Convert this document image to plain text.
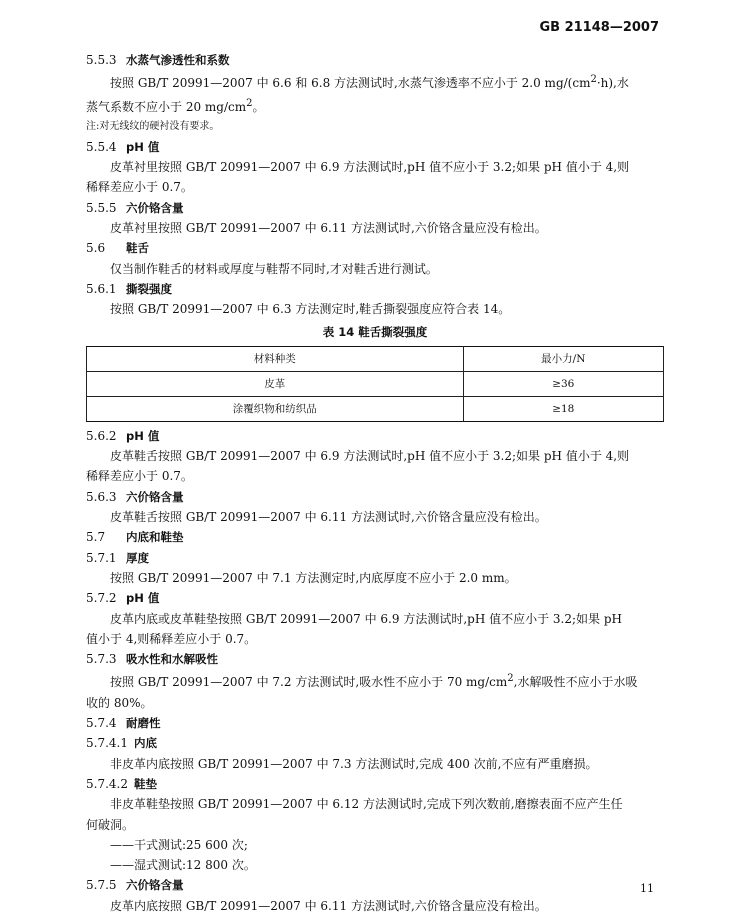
GB 21148—2007

5.5.3 水蒸气渗透性和系数

按照 GB/T 20991—2007 中 6.6 和 6.8 方法测试时,水蒸气渗透率不应小于 2.0 $mg/(cm^2\cdot h)$,水

蒸气系数不应小于 20 $mg/cm^2$。

注:对无线纹的硬衬没有要求。

5.5.4 pH 值

皮革衬里按照 GB/T 20991—2007 中 6.9 方法测试时,pH 值不应小于 3.2;如果 pH 值小于 4,则

稀释差应小于 0.7。

5.5.5 六价铬含量

皮革衬里按照 GB/T 20991—2007 中 6.11 方法测试时,六价铬含量应没有检出。

5.6 鞋舌

仅当制作鞋舌的材料或厚度与鞋帮不同时,才对鞋舌进行测试。

5.6.1 撕裂强度

按照 GB/T 20991—2007 中 6.3 方法测定时,鞋舌撕裂强度应符合表 14。

表 14 鞋舌撕裂强度

材料种类	最小力/N
皮革	≥36
涂覆织物和纺织品	≥18

5.6.2 pH 值

皮革鞋舌按照 GB/T 20991—2007 中 6.9 方法测试时,pH 值不应小于 3.2;如果 pH 值小于 4,则

稀释差应小于 0.7。

5.6.3 六价铬含量

皮革鞋舌按照 GB/T 20991—2007 中 6.11 方法测试时,六价铬含量应没有检出。

5.7 内底和鞋垫

5.7.1 厚度

按照 GB/T 20991—2007 中 7.1 方法测定时,内底厚度不应小于 2.0 mm。

5.7.2 pH 值

皮革内底或皮革鞋垫按照 GB/T 20991—2007 中 6.9 方法测试时,pH 值不应小于 3.2;如果 pH

值小于 4,则稀释差应小于 0.7。

5.7.3 吸水性和水解吸性

按照 GB/T 20991—2007 中 7.2 方法测试时,吸水性不应小于 70 $mg/cm^2$,水解吸性不应小于水吸

收的 80%。

5.7.4 耐磨性

5.7.4.1 内底

非皮革内底按照 GB/T 20991—2007 中 7.3 方法测试时,完成 400 次前,不应有严重磨损。

5.7.4.2 鞋垫

非皮革鞋垫按照 GB/T 20991—2007 中 6.12 方法测试时,完成下列次数前,磨擦表面不应产生任

何破洞。

——干式测试:25 600 次;

——湿式测试:12 800 次。

5.7.5 六价铬含量

皮革内底按照 GB/T 20991—2007 中 6.11 方法测试时,六价铬含量应没有检出。

11
